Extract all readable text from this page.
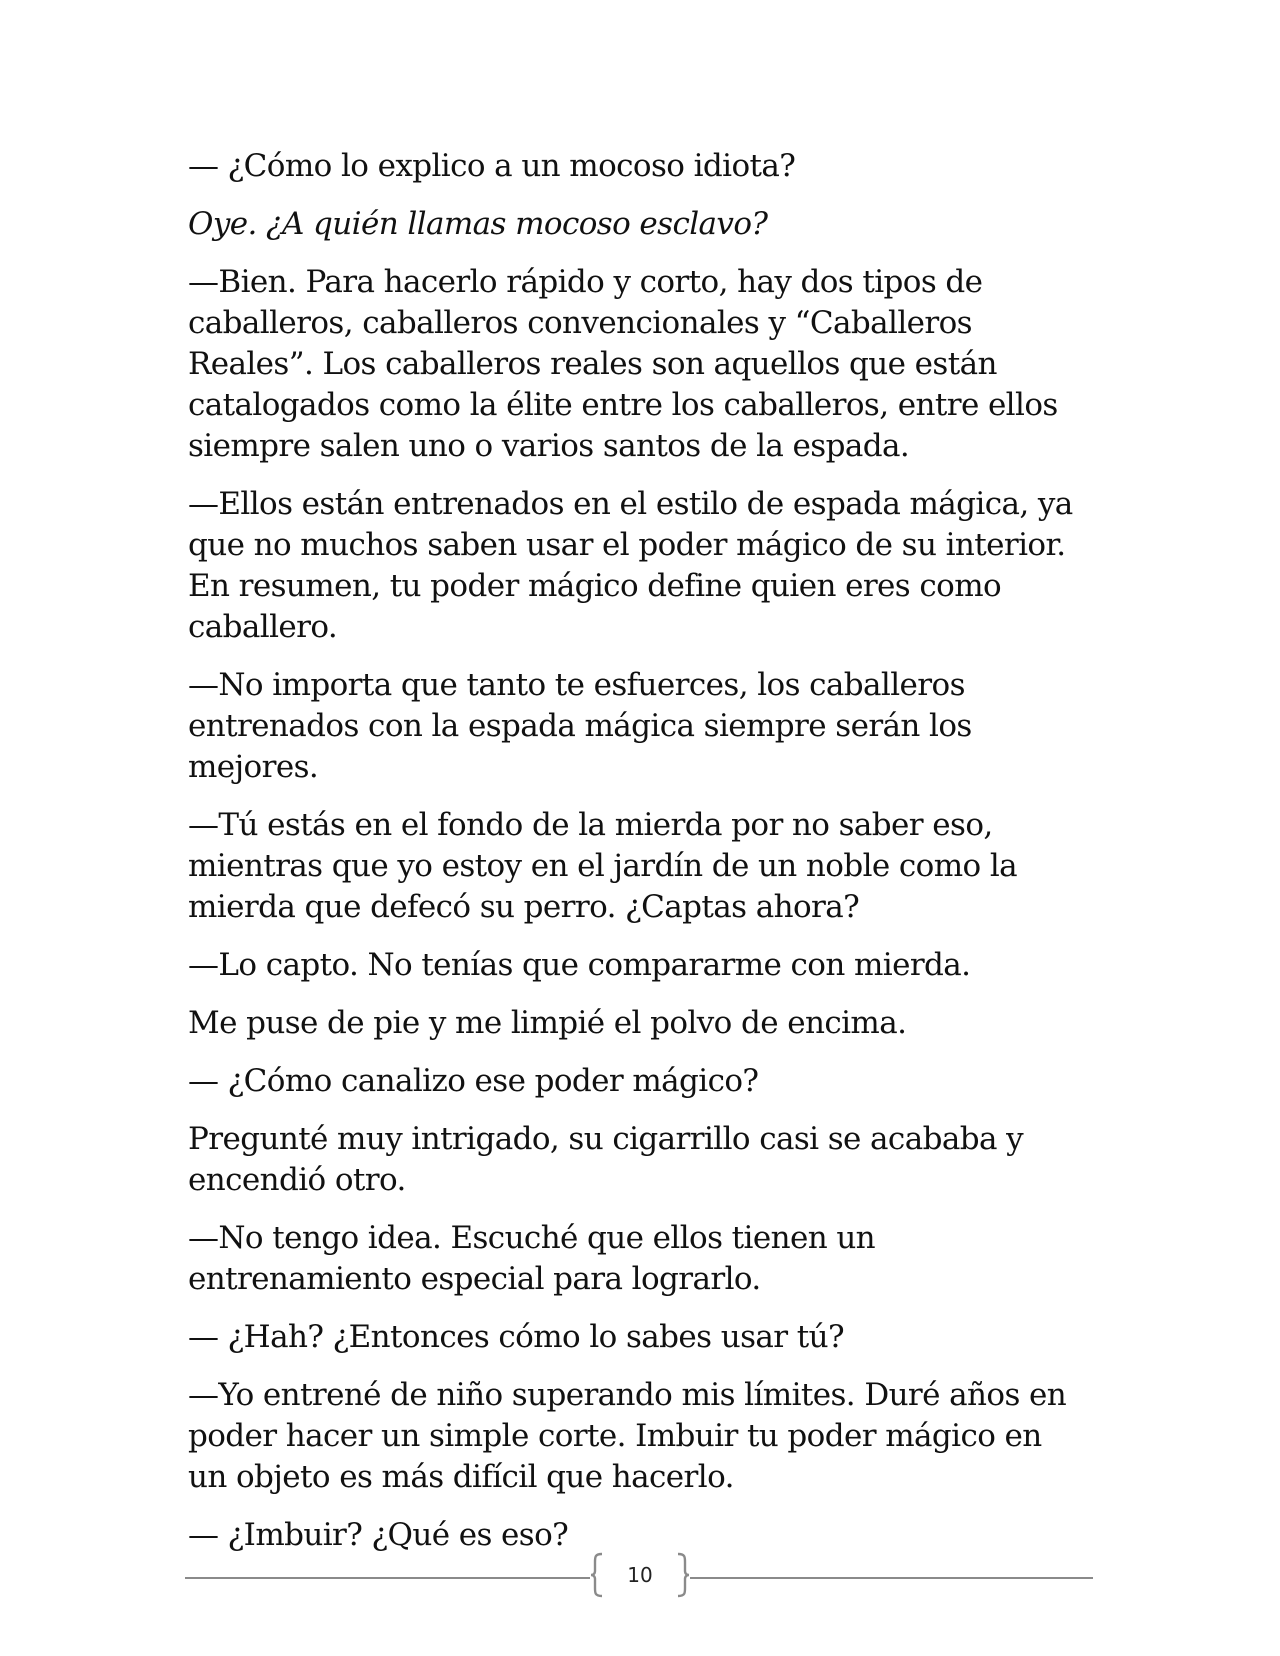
— ¿Cómo lo explico a un mocoso idiota?

Oye. ¿A quién llamas mocoso esclavo?

—Bien. Para hacerlo rápido y corto, hay dos tipos de caballeros, caballeros convencionales y “Caballeros Reales”. Los caballeros reales son aquellos que están catalogados como la élite entre los caballeros, entre ellos siempre salen uno o varios santos de la espada.

—Ellos están entrenados en el estilo de espada mágica, ya que no muchos saben usar el poder mágico de su interior. En resumen, tu poder mágico define quien eres como caballero.

—No importa que tanto te esfuerces, los caballeros entrenados con la espada mágica siempre serán los mejores.

—Tú estás en el fondo de la mierda por no saber eso, mientras que yo estoy en el jardín de un noble como la mierda que defecó su perro. ¿Captas ahora?

—Lo capto. No tenías que compararme con mierda.

Me puse de pie y me limpié el polvo de encima.

— ¿Cómo canalizo ese poder mágico?

Pregunté muy intrigado, su cigarrillo casi se acababa y encendió otro.

—No tengo idea. Escuché que ellos tienen un entrenamiento especial para lograrlo.

— ¿Hah? ¿Entonces cómo lo sabes usar tú?

—Yo entrené de niño superando mis límites. Duré años en poder hacer un simple corte. Imbuir tu poder mágico en un objeto es más difícil que hacerlo.

— ¿Imbuir? ¿Qué es eso?

10
